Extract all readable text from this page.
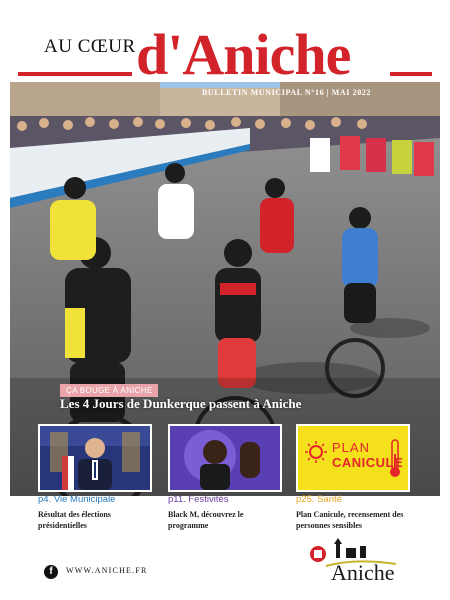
AU CŒUR d'Aniche
BULLETIN MUNICIPAL N°16 | MAI 2022
ÇA BOUGE À ANICHE
Les 4 Jours de Dunkerque passent à Aniche
PLAN
CANICULE
p4. Vie Municipale
Résultat des élections présidentielles
p11. Festivités
Black M, découvrez le programme
p25. Santé
Plan Canicule, recensement des personnes sensibles
f	WWW.ANICHE.FR	Aniche
